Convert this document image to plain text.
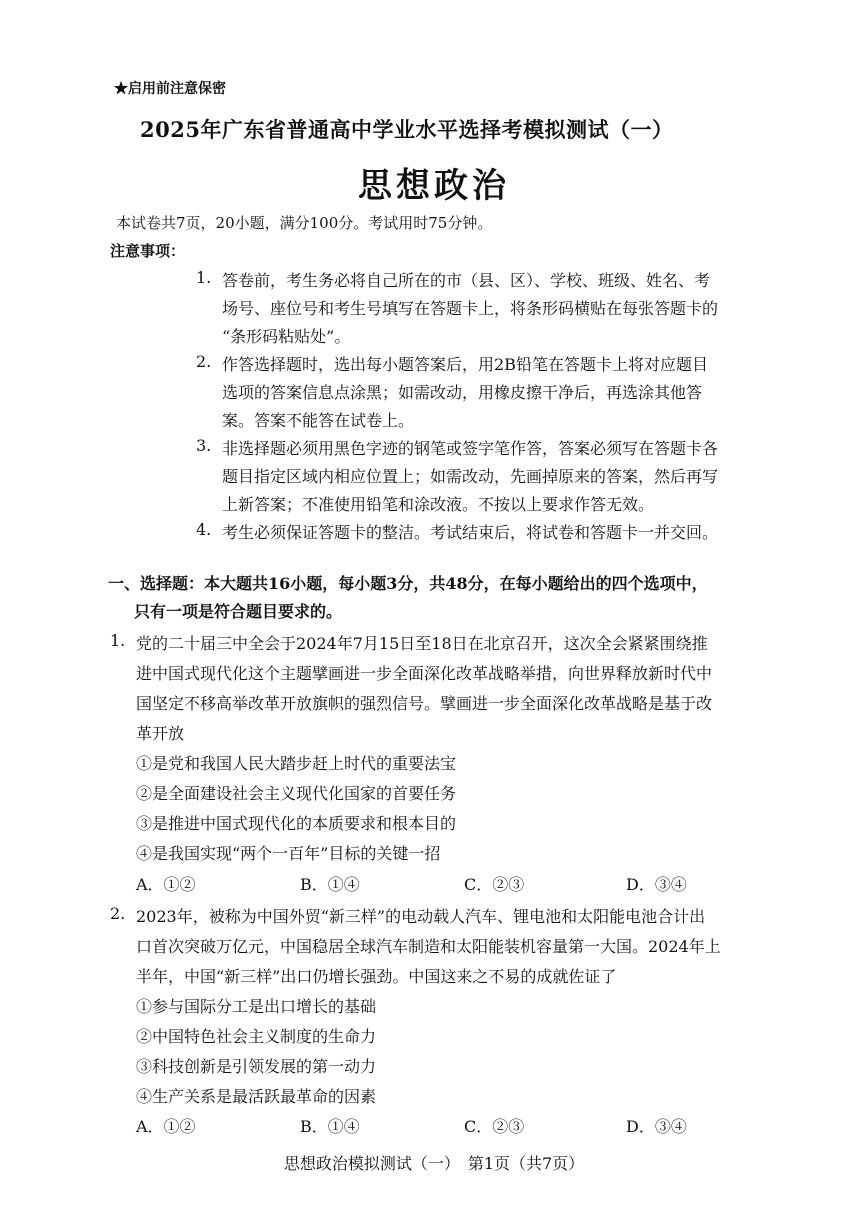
★启用前注意保密
2025年广东省普通高中学业水平选择考模拟测试（一）
思想政治
本试卷共7页，20小题，满分100分。考试用时75分钟。
注意事项：
1. 答卷前，考生务必将自己所在的市（县、区）、学校、班级、姓名、考
场号、座位号和考生号填写在答题卡上，将条形码横贴在每张答题卡的
“条形码粘贴处”。
2. 作答选择题时，选出每小题答案后，用2B铅笔在答题卡上将对应题目
选项的答案信息点涂黑；如需改动，用橡皮擦干净后，再选涂其他答
案。答案不能答在试卷上。
3. 非选择题必须用黑色字迹的钢笔或签字笔作答，答案必须写在答题卡各
题目指定区域内相应位置上；如需改动，先画掉原来的答案，然后再写
上新答案；不准使用铅笔和涂改液。不按以上要求作答无效。
4. 考生必须保证答题卡的整洁。考试结束后，将试卷和答题卡一并交回。
一、选择题：本大题共16小题，每小题3分，共48分，在每小题给出的四个选项中，
只有一项是符合题目要求的。
1. 党的二十届三中全会于2024年7月15日至18日在北京召开，这次全会紧紧围绕推
进中国式现代化这个主题擘画进一步全面深化改革战略举措，向世界释放新时代中
国坚定不移高举改革开放旗帜的强烈信号。擘画进一步全面深化改革战略是基于改
革开放
①是党和我国人民大踏步赶上时代的重要法宝
②是全面建设社会主义现代化国家的首要任务
③是推进中国式现代化的本质要求和根本目的
④是我国实现“两个一百年”目标的关键一招
A．①②	B．①④	C．②③	D．③④
2. 2023年，被称为中国外贸“新三样”的电动载人汽车、锂电池和太阳能电池合计出
口首次突破万亿元，中国稳居全球汽车制造和太阳能装机容量第一大国。2024年上
半年，中国“新三样”出口仍增长强劲。中国这来之不易的成就佐证了
①参与国际分工是出口增长的基础
②中国特色社会主义制度的生命力
③科技创新是引领发展的第一动力
④生产关系是最活跃最革命的因素
A．①②	B．①④	C．②③	D．③④
思想政治模拟测试（一）　第1页（共7页）
